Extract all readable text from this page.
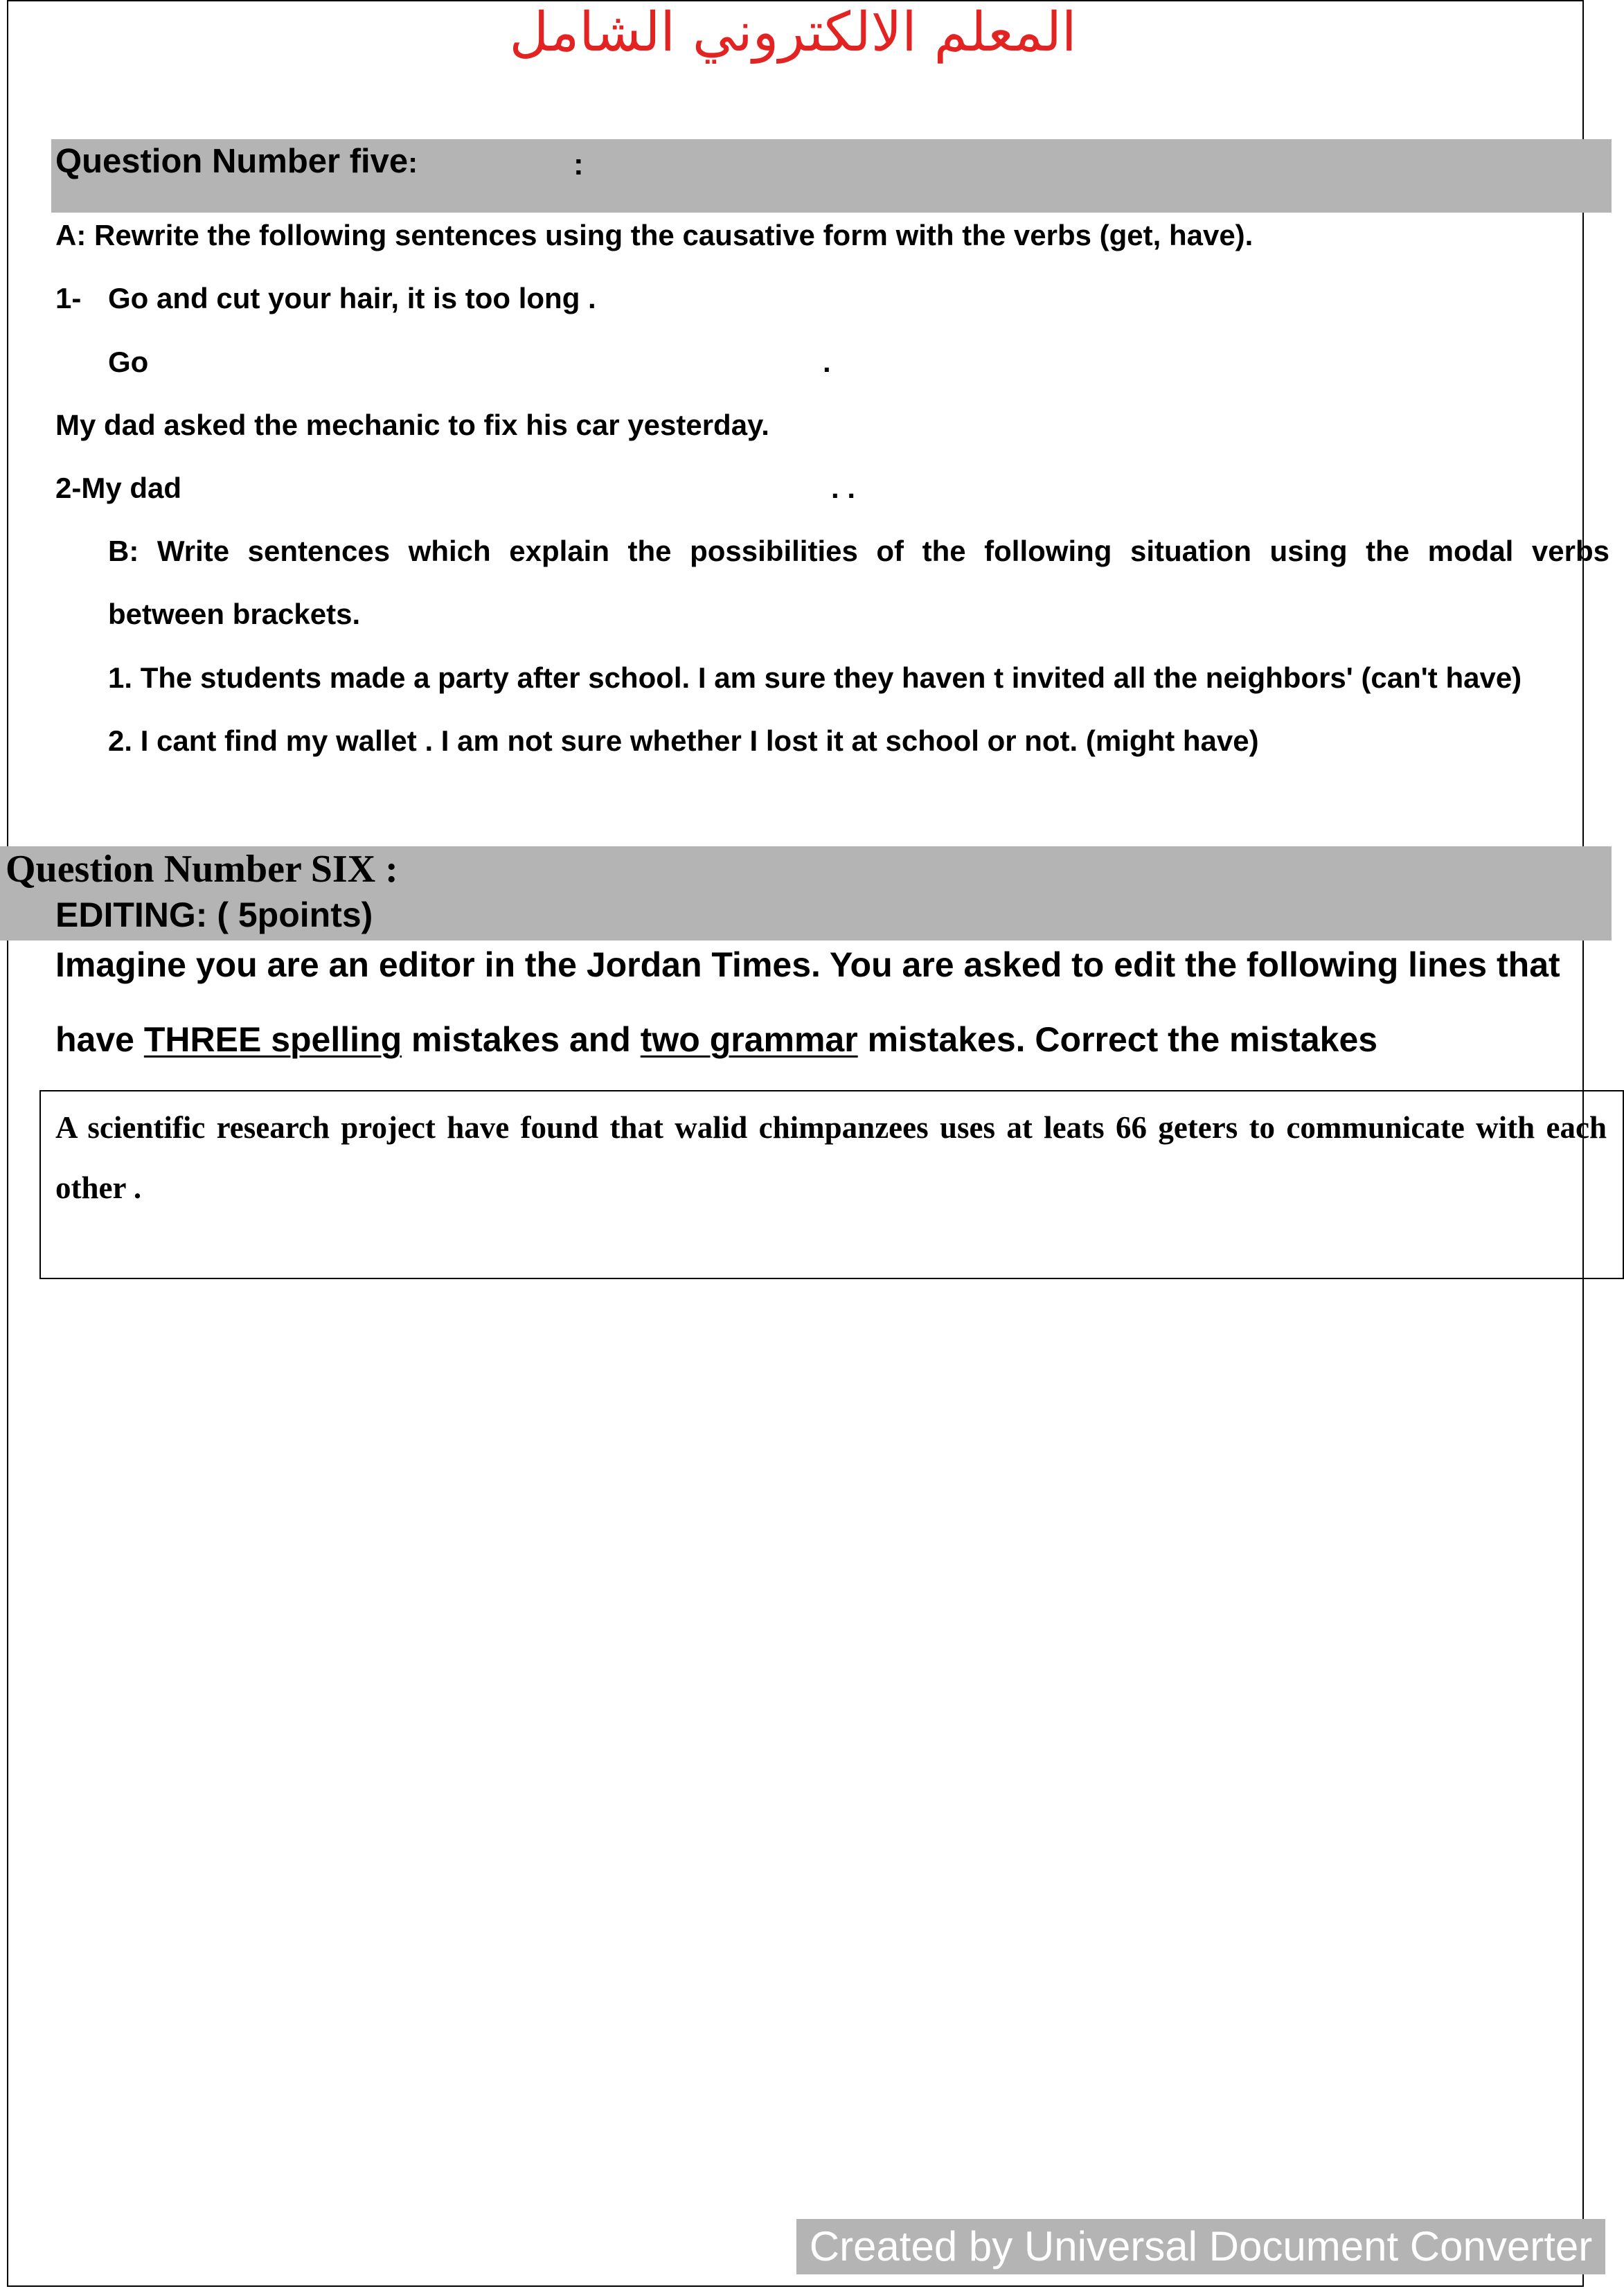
المعلم الالكتروني الشامل
Question Number five:	:
A: Rewrite the following sentences using the causative form with the verbs (get, have).
1- Go and cut your hair, it is too long .
Go	.
My dad asked the mechanic to fix his car yesterday.
2-My dad	. .
B: Write sentences which explain the possibilities of the following situation using the modal verbs
between brackets.
1. The students made a party after school. I am sure they haven t invited all the neighbors' (can't have)
2. I cant find my wallet . I am not sure whether I lost it at school or not. (might have)
Question Number SIX :
EDITING: ( 5points)
Imagine you are an editor in the Jordan Times. You are asked to edit the following lines that
have THREE spelling mistakes and two grammar mistakes. Correct the mistakes
A scientific research project have found that walid chimpanzees uses at leats 66 geters to communicate with each other .
Created by Universal Document Converter
